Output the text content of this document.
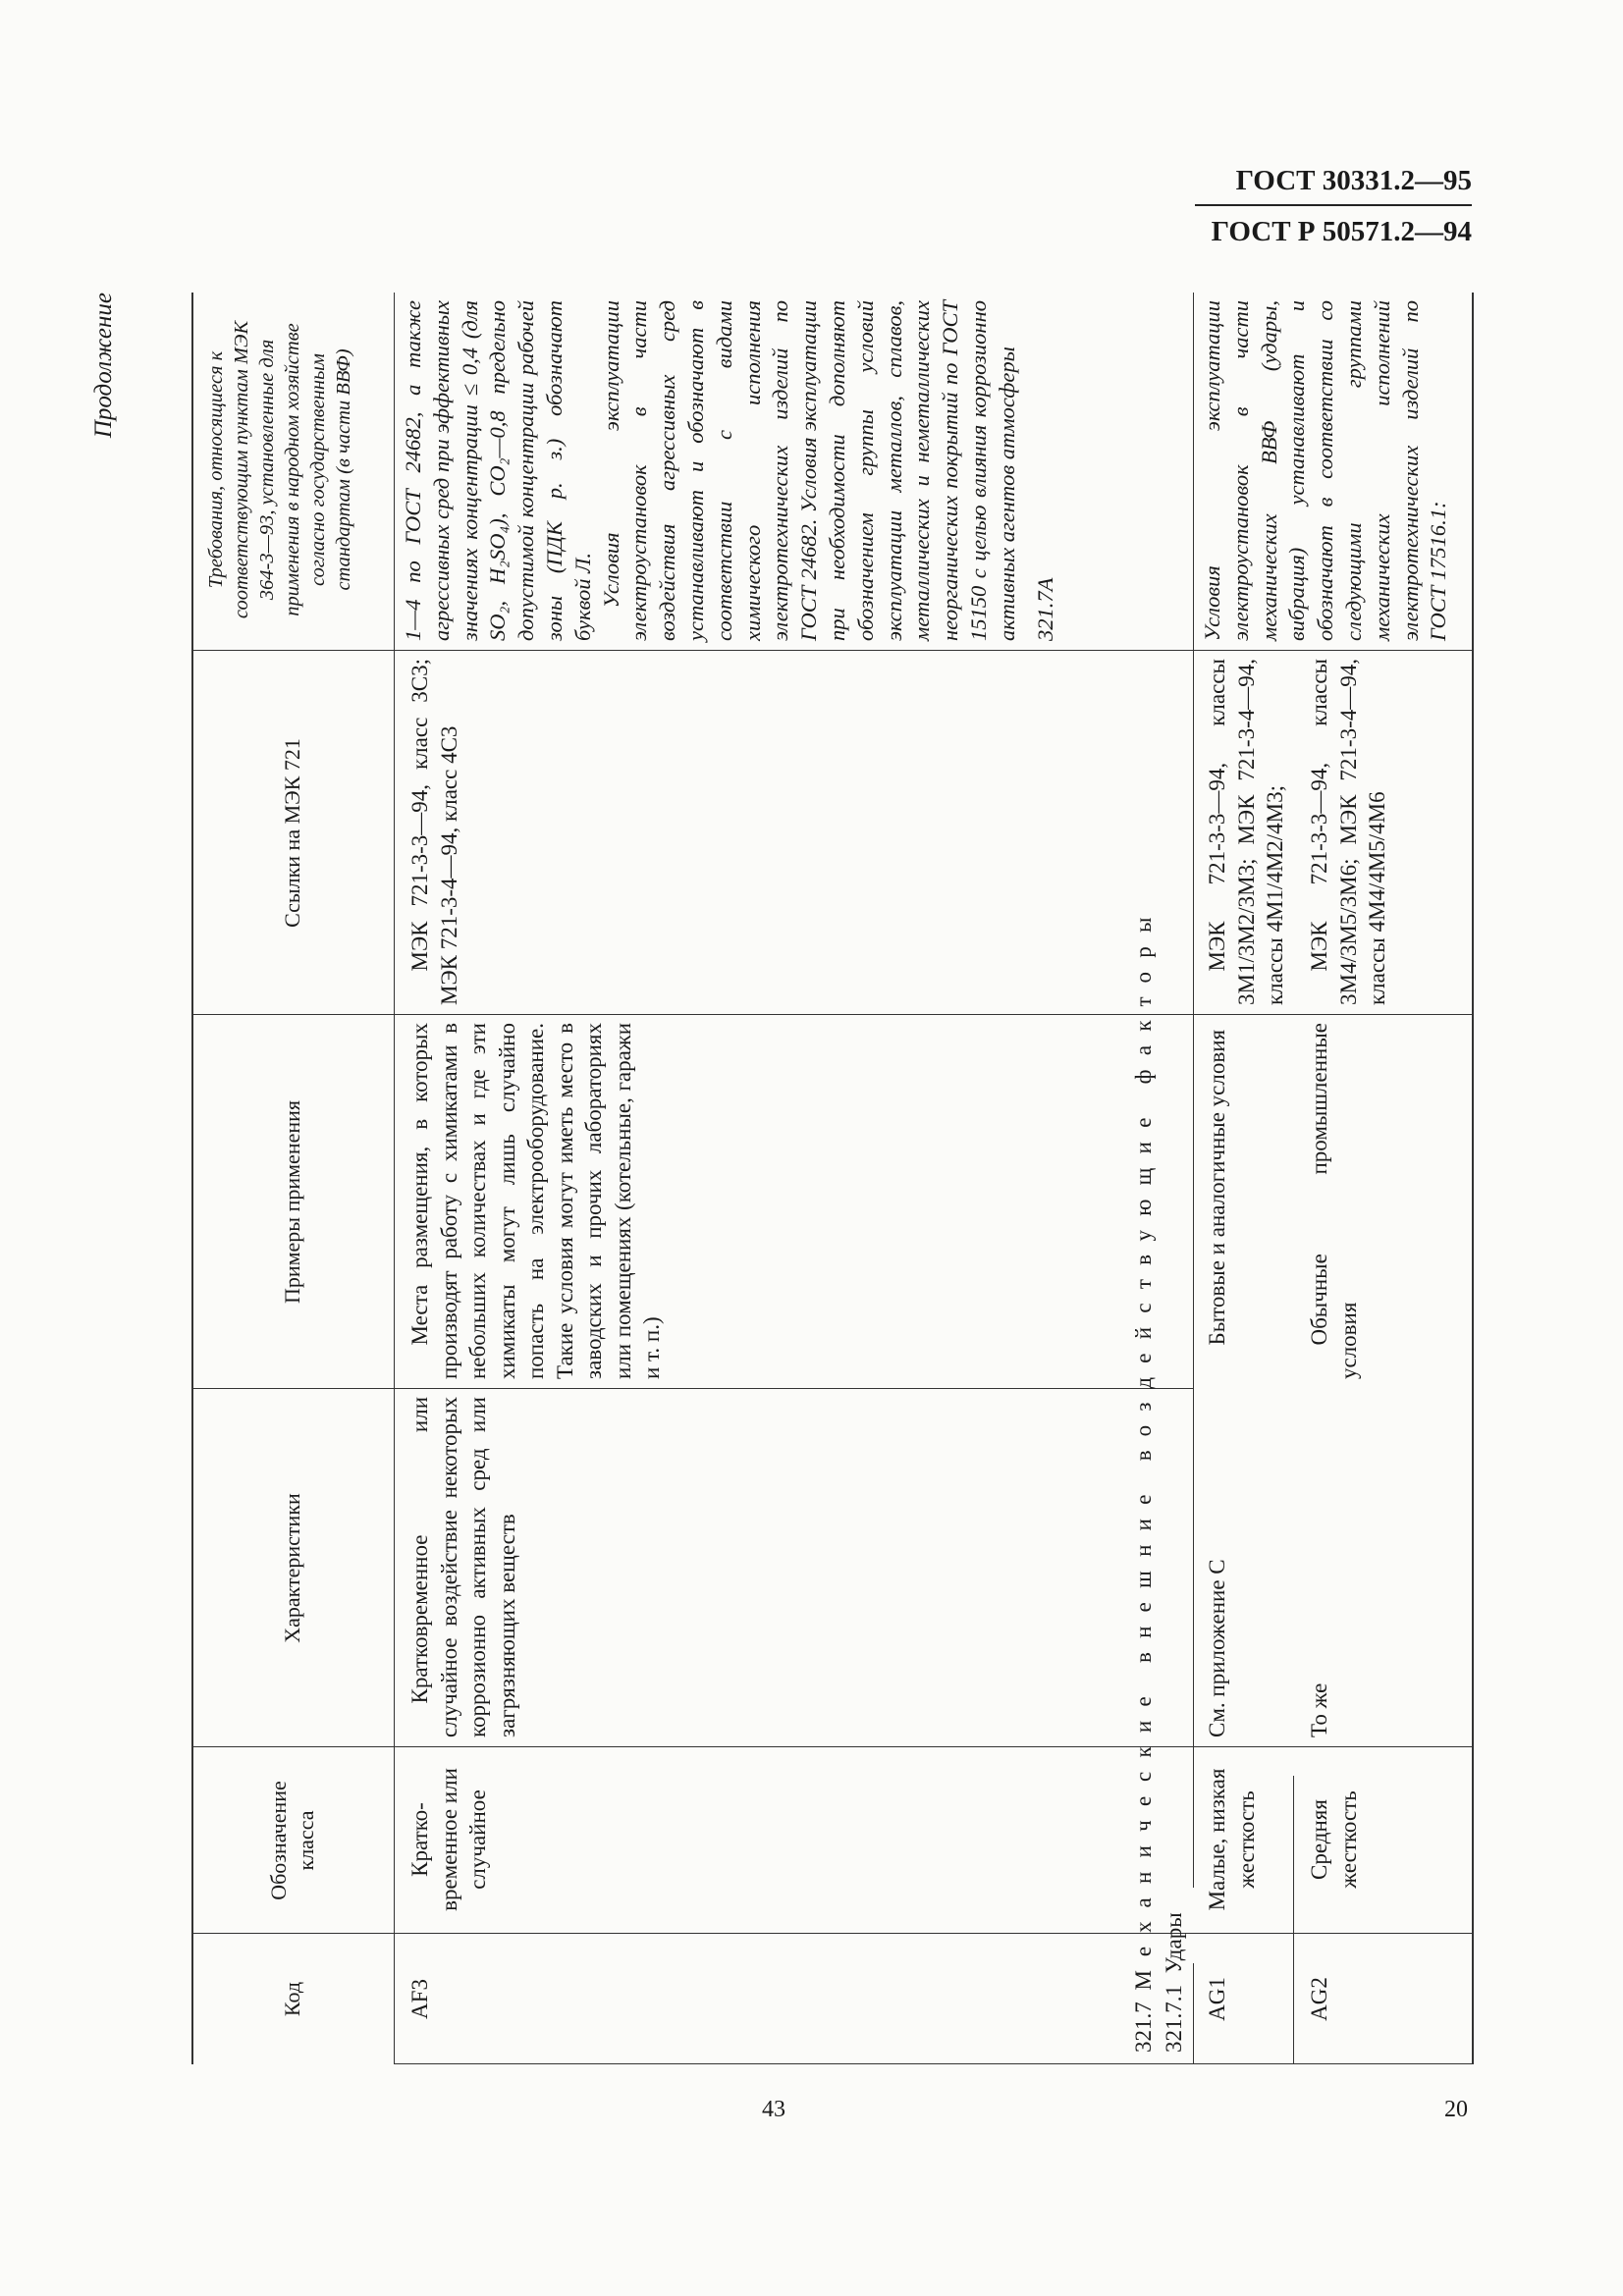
ГОСТ 30331.2—95
ГОСТ Р 50571.2—94
Продолжение
Код
Обозначение класса
Характеристики
Примеры применения
Ссылки на МЭК 721
Требования, относящиеся к соответствующим пунктам МЭК 364-3—93, установленные для применения в народном хозяйстве согласно государственным стандартам (в части ВВФ)
AF3
Кратко-временное или случайное

Кратковременное или случайное воздействие некоторых коррозионно активных сред или загрязняющих веществ

Места размещения, в которых производят работу с химикатами в небольших количествах и где эти химикаты могут лишь случайно попасть на электрооборудование. Такие условия могут иметь место в заводских и прочих лабораториях или помещениях (котельные, гаражи и т. п.)

МЭК 721-3-3—94, класс 3С3; МЭК 721-3-4—94, класс 4С3

1—4 по ГОСТ 24682, а также агрессивных сред при эффективных значениях концентрации ≤ 0,4 (для SO₂, H₂SO₄), CO₂—0,8 предельно допустимой концентрации рабочей зоны (ПДК р. з.) обозначают буквой Л. Условия эксплуатации электроустановок в части воздействия агрессивных сред устанавливают и обозначают в соответствии с видами химического исполнения электротехнических изделий по ГОСТ 24682. Условия эксплуатации при необходимости дополняют обозначением группы условий эксплуатации металлов, сплавов, металлических и неметаллических неорганических покрытий по ГОСТ 15150 с целью влияния коррозионно активных агентов атмосферы 321.7А

321.7 Механические внешние воздействующие факторы
321.7.1 Удары
AG1
Малые, низкая жесткость
См. приложение С

Бытовые и аналогичные условия

МЭК 721-3-3—94, классы 3М1/3М2/3М3; МЭК 721-3-4—94, классы 4М1/4М2/4М3;

Условия эксплуатации электроустановок в части механических ВВФ (удары, вибрация) устанавливают и обозначают в соответствии со следующими группами механических исполнений электротехнических изделий по ГОСТ 17516.1:

AG2
Средняя жесткость
То же

Обычные промышленные условия

МЭК 721-3-3—94, классы 3М4/3М5/3М6; МЭК 721-3-4—94, классы 4М4/4М5/4М6

43	20
